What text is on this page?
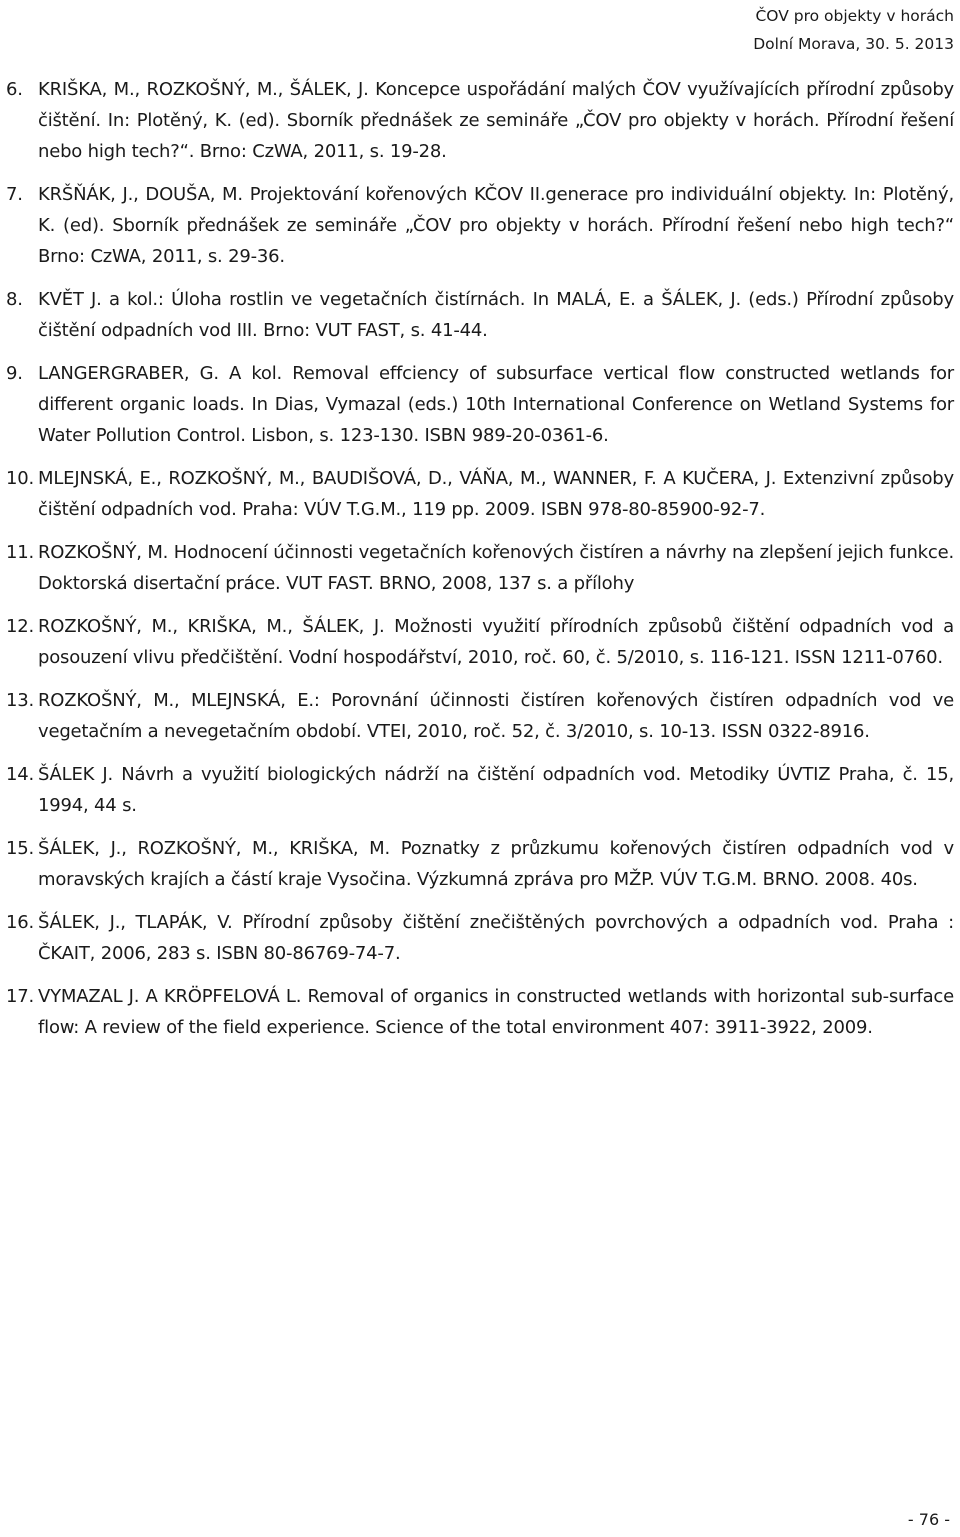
ČOV pro objekty v horách
Dolní Morava, 30. 5. 2013
6. KRIŠKA, M., ROZKOŠNÝ, M., ŠÁLEK, J. Koncepce uspořádání malých ČOV využívajících přírodní způsoby čištění. In: Plotěný, K. (ed). Sborník přednášek ze semináře „ČOV pro objekty v horách. Přírodní řešení nebo high tech?“. Brno: CzWA, 2011, s. 19-28.
7. KRŠŇÁK, J., DOUŠA, M. Projektování kořenových KČOV II.generace pro individuální objekty. In: Plotěný, K. (ed). Sborník přednášek ze semináře „ČOV pro objekty v horách. Přírodní řešení nebo high tech?“ Brno: CzWA, 2011, s. 29-36.
8. KVĚT J. a kol.: Úloha rostlin ve vegetačních čistírnách. In MALÁ, E. a ŠÁLEK, J. (eds.) Přírodní způsoby čištění odpadních vod III. Brno: VUT FAST, s. 41-44.
9. LANGERGRABER, G. A kol. Removal effciency of subsurface vertical flow constructed wetlands for different organic loads. In Dias, Vymazal (eds.) 10th International Conference on Wetland Systems for Water Pollution Control. Lisbon, s. 123-130. ISBN 989-20-0361-6.
10. MLEJNSKÁ, E., ROZKOŠNÝ, M., BAUDIŠOVÁ, D., VÁŇA, M., WANNER, F. A KUČERA, J. Extenzivní způsoby čištění odpadních vod. Praha: VÚV T.G.M., 119 pp. 2009. ISBN 978-80-85900-92-7.
11. ROZKOŠNÝ, M. Hodnocení účinnosti vegetačních kořenových čistíren a návrhy na zlepšení jejich funkce. Doktorská disertační práce. VUT FAST. BRNO, 2008, 137 s. a přílohy
12. ROZKOŠNÝ, M., KRIŠKA, M., ŠÁLEK, J. Možnosti využití přírodních způsobů čištění odpadních vod a posouzení vlivu předčištění. Vodní hospodářství, 2010, roč. 60, č. 5/2010, s. 116-121. ISSN 1211-0760.
13. ROZKOŠNÝ, M., MLEJNSKÁ, E.: Porovnání účinnosti čistíren kořenových čistíren odpadních vod ve vegetačním a nevegetačním období. VTEI, 2010, roč. 52, č. 3/2010, s. 10-13. ISSN 0322-8916.
14. ŠÁLEK J. Návrh a využití biologických nádrží na čištění odpadních vod. Metodiky ÚVTIZ Praha, č. 15, 1994, 44 s.
15. ŠÁLEK, J., ROZKOŠNÝ, M., KRIŠKA, M. Poznatky z průzkumu kořenových čistíren odpadních vod v moravských krajích a částí kraje Vysočina. Výzkumná zpráva pro MŽP. VÚV T.G.M. BRNO. 2008. 40s.
16. ŠÁLEK, J., TLAPÁK, V. Přírodní způsoby čištění znečištěných povrchových a odpadních vod. Praha : ČKAIT, 2006, 283 s. ISBN 80-86769-74-7.
17. VYMAZAL J. A KRÖPFELOVÁ L. Removal of organics in constructed wetlands with horizontal sub-surface flow: A review of the field experience. Science of the total environment 407: 3911-3922, 2009.
- 76 -
